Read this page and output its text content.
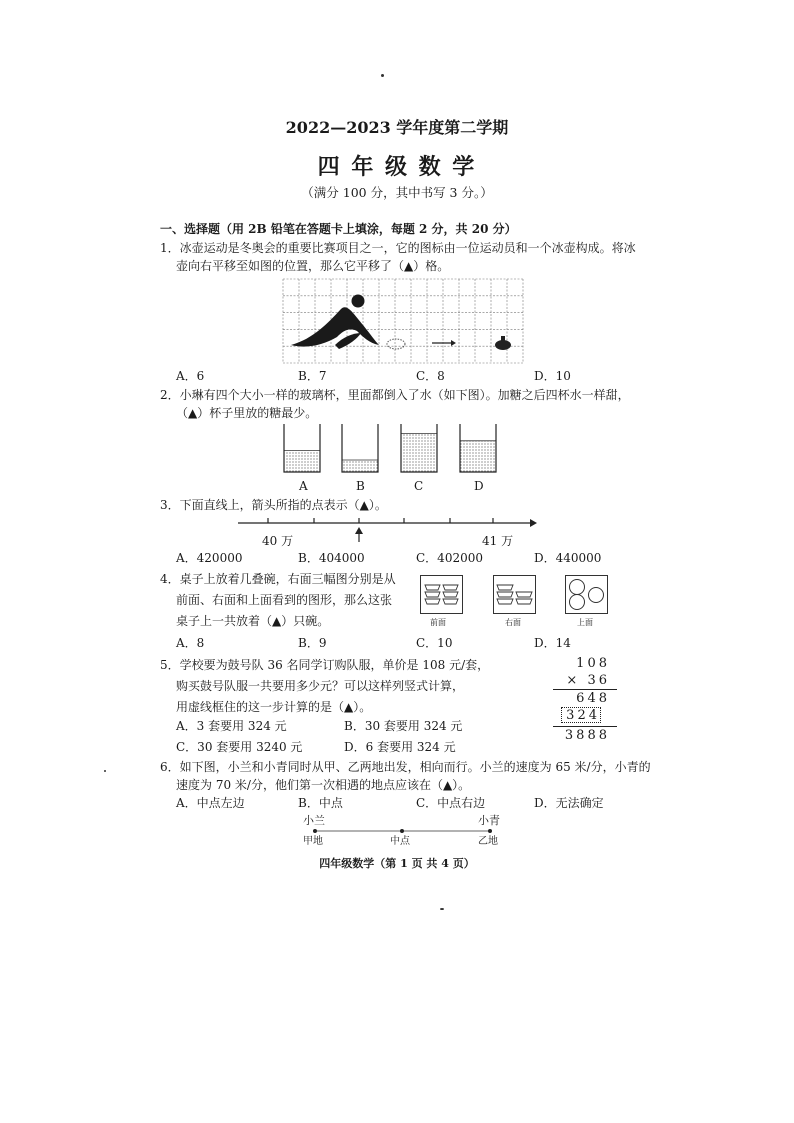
2022—2023 学年度第二学期
四 年 级 数 学
（满分 100 分，其中书写 3 分。）
一、选择题（用 2B 铅笔在答题卡上填涂，每题 2 分，共 20 分）
1．冰壶运动是冬奥会的重要比赛项目之一，它的图标由一位运动员和一个冰壶构成。将冰
壶向右平移至如图的位置，那么它平移了（▲）格。
A．6	B．7	C．8	D．10
2．小琳有四个大小一样的玻璃杯，里面都倒入了水（如下图）。加糖之后四杯水一样甜，
（▲）杯子里放的糖最少。
A	B	C	D
3．下面直线上，箭头所指的点表示（▲）。
40 万	41 万
A．420000	B．404000	C．402000	D．440000
4．桌子上放着几叠碗，右面三幅图分别是从
前面、右面和上面看到的图形，那么这张
桌子上一共放着（▲）只碗。	前面	右面	上面
A．8	B．9	C．10	D．14
5．学校要为鼓号队 36 名同学订购队服，单价是 108 元/套，
购买鼓号队服一共要用多少元？可以这样列竖式计算，
用虚线框住的这一步计算的是（▲）。
A．3 套要用 324 元	B．30 套要用 324 元
C．30 套要用 3240 元	D．6 套要用 324 元
108
× 36
648
324
3888
6．如下图，小兰和小青同时从甲、乙两地出发，相向而行。小兰的速度为 65 米/分，小青的
速度为 70 米/分，他们第一次相遇的地点应该在（▲）。
A．中点左边	B．中点	C．中点右边	D．无法确定
小兰	小青
甲地	中点	乙地
四年级数学（第 1 页 共 4 页）
